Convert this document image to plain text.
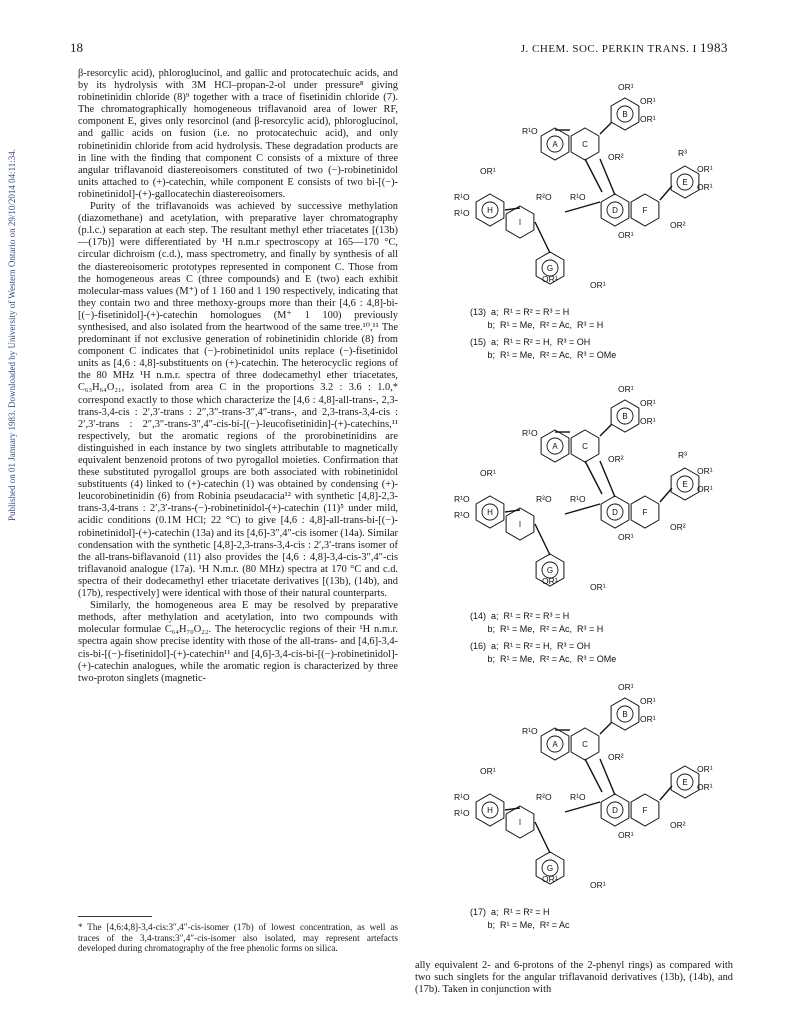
18	J. CHEM. SOC. PERKIN TRANS. I 1983
Published on 01 January 1983. Downloaded by University of Western Ontario on 29/10/2014 04:11:34.

β-resorcylic acid), phloroglucinol, and gallic and protocatechuic acids, and by its hydrolysis with 3M HCl–propan-2-ol under pressure⁸ giving robinetinidin chloride (8)⁹ together with a trace of fisetinidin chloride (7). The chromatographically homogeneous triflavanoid area of lower RF, component E, gives only resorcinol (and β-resorcylic acid), phloroglucinol, and gallic acids on fusion (i.e. no protocatechuic acid), and only robinetinidin chloride from acid hydrolysis. These degradation products are in line with the finding that component C consists of a mixture of three angular triflavanoid diastereoisomers constituted of two (−)-robinetinidol units attached to (+)-catechin, while component E consists of two bi-[(−)-robinetinidol]-(+)-gallocatechin diastereoisomers.

Purity of the triflavanoids was achieved by successive methylation (diazomethane) and acetylation, with preparative layer chromatography (p.l.c.) separation at each step. The resultant methyl ether triacetates [(13b)—(17b)] were differentiated by ¹H n.m.r spectroscopy at 165—170 °C, circular dichroism (c.d.), mass spectrometry, and finally by synthesis of all the diastereoisomeric prototypes represented in component C. Those from the homogeneous areas C (three compounds) and E (two) each exhibit molecular-mass values (M⁺) of 1 160 and 1 190 respectively, indicating that they contain two and three methoxy-groups more than their [4,6 : 4,8]-bi-[(−)-fisetinidol]-(+)-catechin homologues (M⁺ 1 100) previously synthesised, and also isolated from the heartwood of the same tree.¹⁰,¹¹ The predominant if not exclusive generation of robinetinidin chloride (8) from component C indicates that (−)-robinetinidol units replace (−)-fisetinidol units as [4,6 : 4,8]-substituents on (+)-catechin. The heterocyclic regions of the 80 MHz ¹H n.m.r. spectra of three dodecamethyl ether triacetates, C₆₃H₆₄O₂₁, isolated from area C in the proportions 3.2 : 3.6 : 1.0,* correspond exactly to those which characterize the [4,6 : 4,8]-all-trans-, 2,3-trans-3,4-cis : 2′,3′-trans : 2″,3″-trans-3″,4″-trans-, and 2,3-trans-3,4-cis : 2′,3′-trans : 2″,3″-trans-3″,4″-cis-bi-[(−)-leucofisetinidin]-(+)-catechins,¹¹ respectively, but the aromatic regions of the prorobinetinidins are distinguished in each instance by two singlets attributable to magnetically equivalent benzenoid protons of two pyrogallol moieties. Confirmation that these substituted pyrogallol groups are both associated with robinetinidol substituents (4) linked to (+)-catechin (1) was obtained by condensing (+)-leucorobinetinidin (6) from Robinia pseudacacia¹² with synthetic [4,8]-2,3-trans-3,4-trans : 2′,3′-trans-(−)-robinetinidol-(+)-catechin (11)⁵ under mild, acidic conditions (0.1M HCl; 22 °C) to give [4,6 : 4,8]-all-trans-bi-[(−)-robinetinidol]-(+)-catechin (13a) and its [4,6]-3″,4″-cis isomer (14a). Similar condensation with the synthetic [4,8]-2,3-trans-3,4-cis : 2′,3′-trans isomer of the all-trans-biflavanoid (11) also provides the [4,6 : 4,8]-3,4-cis-3″,4″-cis triflavanoid analogue (17a). ¹H N.m.r. (80 MHz) spectra at 170 °C and c.d. spectra of their dodecamethyl ether triacetate derivatives [(13b), (14b), and (17b), respectively] were identical with those of their natural counterparts.

Similarly, the homogeneous area E may be resolved by preparative methods, after methylation and acetylation, into two compounds with molecular formulae C₆₄H₇₀O₂₂. The heterocyclic regions of their ¹H n.m.r. spectra again show precise identity with those of the all-trans- and [4,6]-3,4-cis-bi-[(−)-fisetinidol]-(+)-catechin¹¹ and [4,6]-3,4-cis-bi-[(−)-robinetinidol]-(+)-catechin analogues, while the aromatic region is characterized by three two-proton singlets (magnetic-

* The [4,6:4,8]-3,4-cis:3″,4″-cis-isomer (17b) of lowest concentration, as well as traces of the 3,4-trans:3″,4″-cis-isomer also isolated, may represent artefacts developed during chromatography of the free phenolic forms on silica.
ally equivalent 2- and 6-protons of the 2-phenyl rings) as compared with two such singlets for the angular triflavanoid derivatives (13b), (14b), and (17b). Taken in conjunction with
A
B
C
D
E
F
G
H
I
OR¹
OR¹
OR¹
R¹O
R¹O
R¹O
R²O R¹O
OR¹
OR¹
OR²
OR²
OR¹
OR¹
R³
OR¹
OR¹
(13)  a;  R¹ = R² = R³ = H
b;  R¹ = Me,  R² = Ac,  R³ = H
(15)  a;  R¹ = R² = H,  R³ = OH
b;  R¹ = Me,  R² = Ac,  R³ = OMe
A
B
C
D
E
F
G
H
I
OR¹
OR¹
OR¹
R¹O
R¹O
R¹O
R²O R¹O
OR¹
OR¹
OR²
OR²
OR¹
OR¹
R³
OR¹
OR¹
(14)  a;  R¹ = R² = R³ = H
b;  R¹ = Me,  R² = Ac,  R³ = H
(16)  a;  R¹ = R² = H,  R³ = OH
b;  R¹ = Me,  R² = Ac,  R³ = OMe
A
B
C
D
E
F
G
H
I
OR¹
OR¹
OR¹
R¹O
R¹O
R¹O
R²O R¹O
OR¹
OR¹
OR²
OR²
OR¹
OR¹
OR¹
OR¹
(17)  a;  R¹ = R² = H
b;  R¹ = Me,  R² = Ac
